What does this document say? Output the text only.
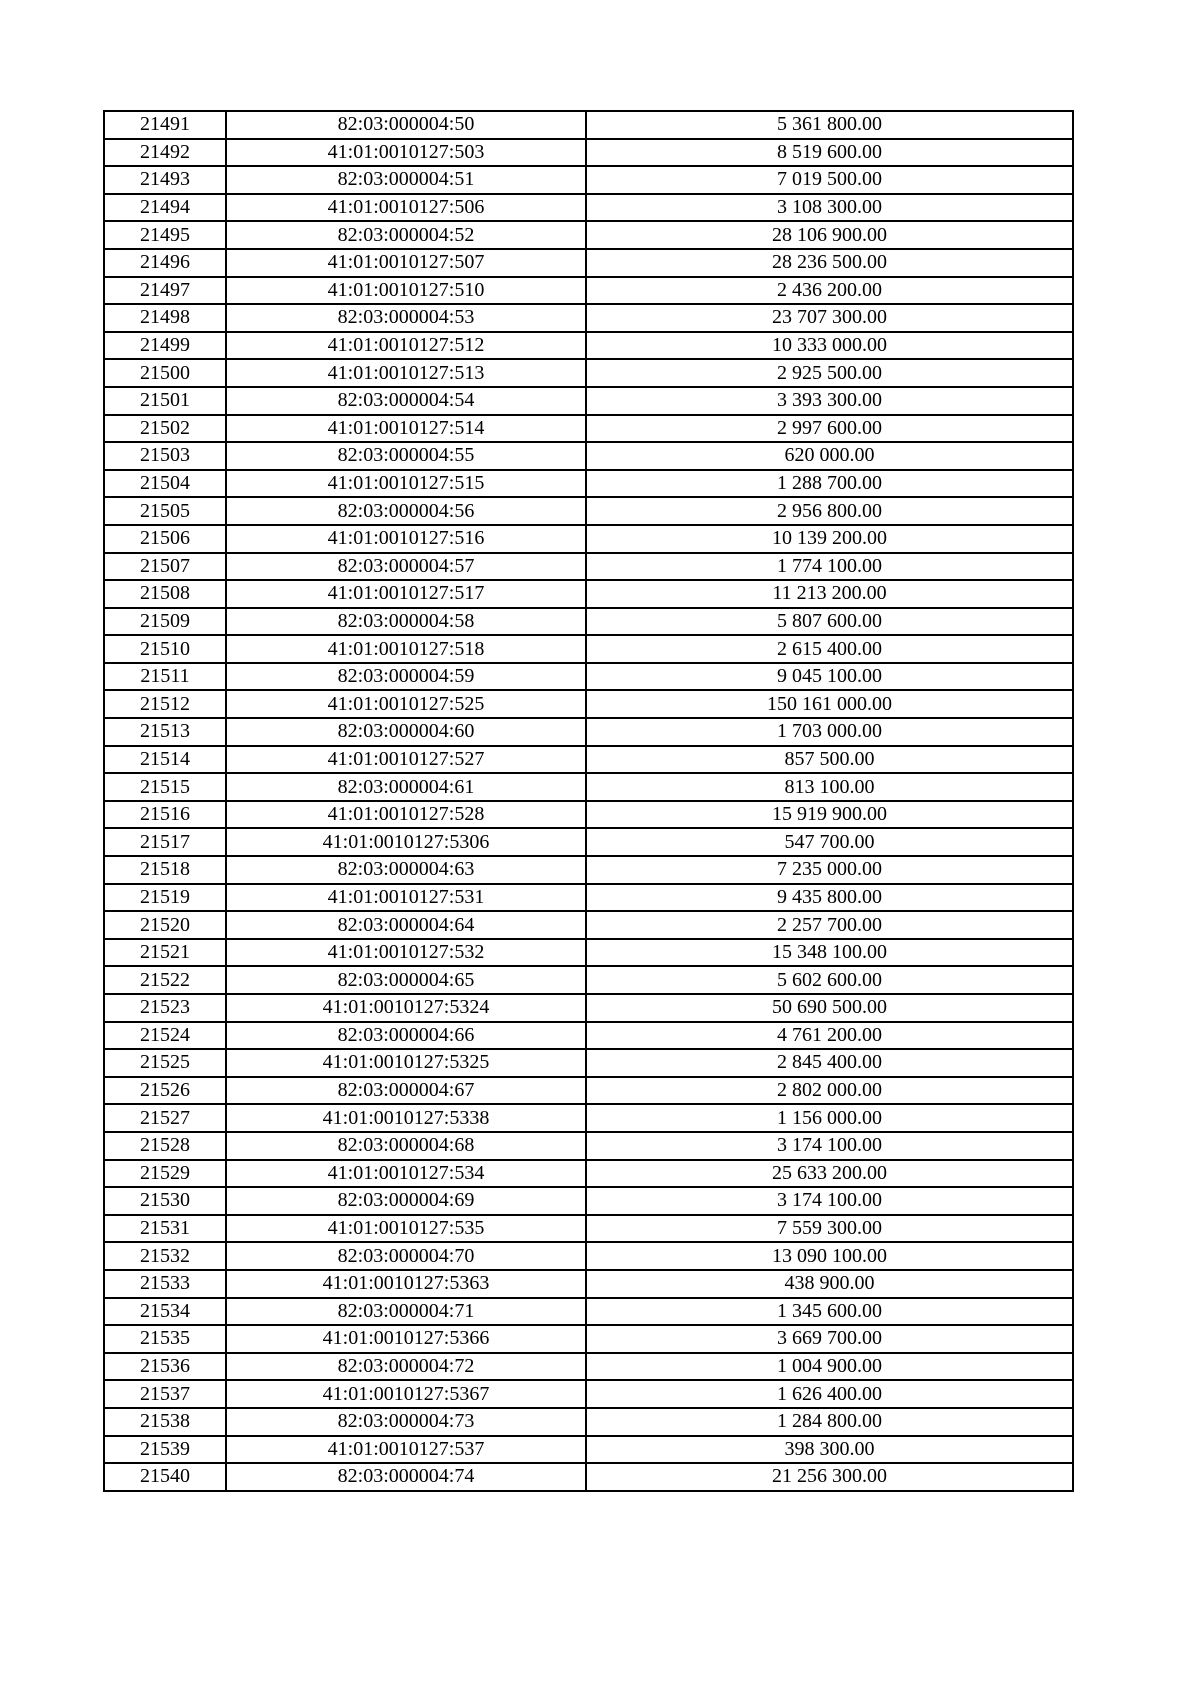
21491	82:03:000004:50	5 361 800.00
21492	41:01:0010127:503	8 519 600.00
21493	82:03:000004:51	7 019 500.00
21494	41:01:0010127:506	3 108 300.00
21495	82:03:000004:52	28 106 900.00
21496	41:01:0010127:507	28 236 500.00
21497	41:01:0010127:510	2 436 200.00
21498	82:03:000004:53	23 707 300.00
21499	41:01:0010127:512	10 333 000.00
21500	41:01:0010127:513	2 925 500.00
21501	82:03:000004:54	3 393 300.00
21502	41:01:0010127:514	2 997 600.00
21503	82:03:000004:55	620 000.00
21504	41:01:0010127:515	1 288 700.00
21505	82:03:000004:56	2 956 800.00
21506	41:01:0010127:516	10 139 200.00
21507	82:03:000004:57	1 774 100.00
21508	41:01:0010127:517	11 213 200.00
21509	82:03:000004:58	5 807 600.00
21510	41:01:0010127:518	2 615 400.00
21511	82:03:000004:59	9 045 100.00
21512	41:01:0010127:525	150 161 000.00
21513	82:03:000004:60	1 703 000.00
21514	41:01:0010127:527	857 500.00
21515	82:03:000004:61	813 100.00
21516	41:01:0010127:528	15 919 900.00
21517	41:01:0010127:5306	547 700.00
21518	82:03:000004:63	7 235 000.00
21519	41:01:0010127:531	9 435 800.00
21520	82:03:000004:64	2 257 700.00
21521	41:01:0010127:532	15 348 100.00
21522	82:03:000004:65	5 602 600.00
21523	41:01:0010127:5324	50 690 500.00
21524	82:03:000004:66	4 761 200.00
21525	41:01:0010127:5325	2 845 400.00
21526	82:03:000004:67	2 802 000.00
21527	41:01:0010127:5338	1 156 000.00
21528	82:03:000004:68	3 174 100.00
21529	41:01:0010127:534	25 633 200.00
21530	82:03:000004:69	3 174 100.00
21531	41:01:0010127:535	7 559 300.00
21532	82:03:000004:70	13 090 100.00
21533	41:01:0010127:5363	438 900.00
21534	82:03:000004:71	1 345 600.00
21535	41:01:0010127:5366	3 669 700.00
21536	82:03:000004:72	1 004 900.00
21537	41:01:0010127:5367	1 626 400.00
21538	82:03:000004:73	1 284 800.00
21539	41:01:0010127:537	398 300.00
21540	82:03:000004:74	21 256 300.00
